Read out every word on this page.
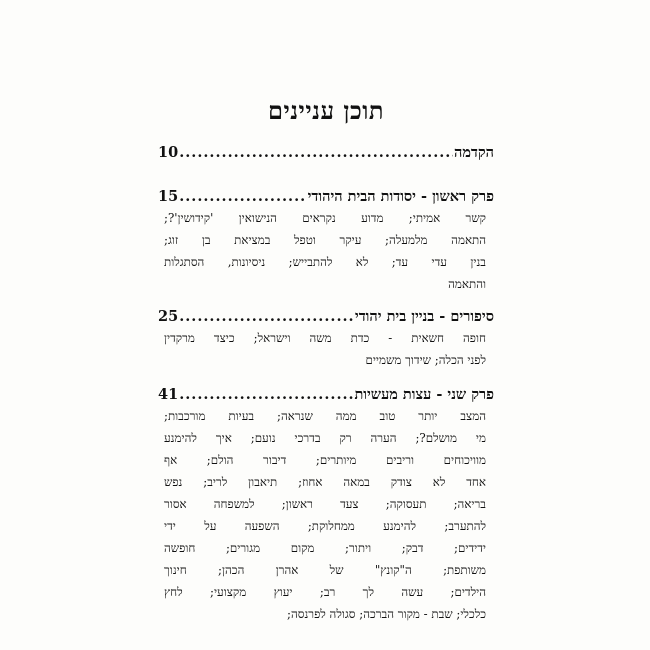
תוכן עניינים
הקדמה
.....
10
פרק ראשון - יסודות הבית היהודי
.....
15
קשר אמיתי; מדוע נקראים הנישואין 'קידושין'?;
התאמה מלמעלה; עיקר וטפל במציאת בן זוג;
בנין עדי עד; לא להתבייש; ניסיונות, הסתגלות
והתאמה
סיפורים - בניין בית יהודי
.....
25
חופה חשאית - כדת משה וישראל; כיצד מרקדין
לפני הכלה; שידוך משמיים
פרק שני - עצות מעשיות
.....
41
המצב יותר טוב ממה שנראה; בעיות מורכבות;
מי מושלם?; הערה רק בדרכי נועם; איך להימנע
מוויכוחים וריבים מיותרים; דיבור הולם; אף
אחד לא צודק במאה אחוז; תיאבון לריב; נפש
בריאה; תעסוקה; צעד ראשון; למשפחה אסור
להתערב; להימנע ממחלוקת; השפעה על ידי
ידידים; דבק; ויתור; מקום מגורים; חופשה
משותפת; ה"קונץ" של אהרן הכהן; חינוך
הילדים; עשה לך רב; יעוץ מקצועי; לחץ
כלכלי; שבת - מקור הברכה; סגולה לפרנסה;
